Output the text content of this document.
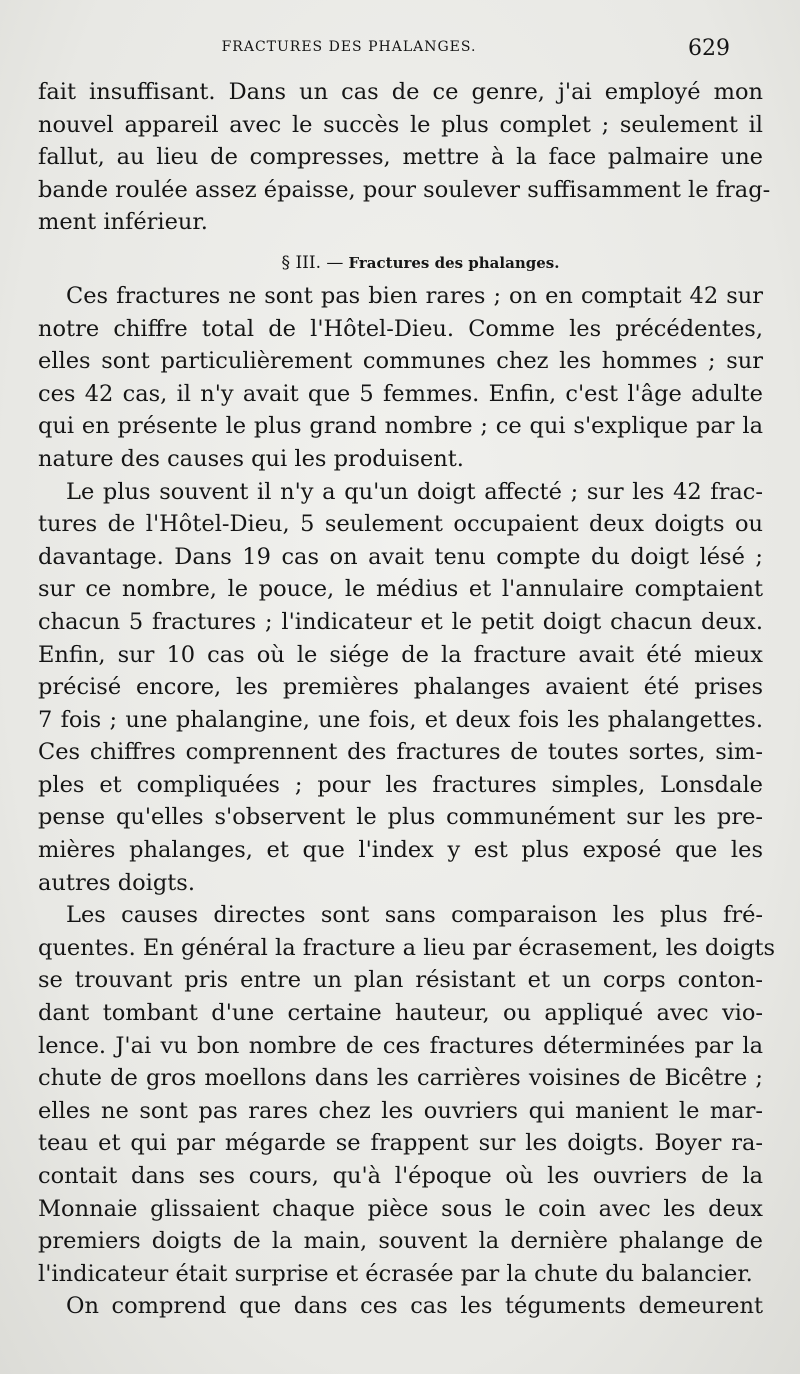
FRACTURES DES PHALANGES.	629
fait insuffisant. Dans un cas de ce genre, j'ai employé mon
nouvel appareil avec le succès le plus complet ; seulement il
fallut, au lieu de compresses, mettre à la face palmaire une
bande roulée assez épaisse, pour soulever suffisamment le frag-
ment inférieur.
§ III. — Fractures des phalanges.
Ces fractures ne sont pas bien rares ; on en comptait 42 sur
notre chiffre total de l'Hôtel-Dieu. Comme les précédentes,
elles sont particulièrement communes chez les hommes ; sur
ces 42 cas, il n'y avait que 5 femmes. Enfin, c'est l'âge adulte
qui en présente le plus grand nombre ; ce qui s'explique par la
nature des causes qui les produisent.
Le plus souvent il n'y a qu'un doigt affecté ; sur les 42 frac-
tures de l'Hôtel-Dieu, 5 seulement occupaient deux doigts ou
davantage. Dans 19 cas on avait tenu compte du doigt lésé ;
sur ce nombre, le pouce, le médius et l'annulaire comptaient
chacun 5 fractures ; l'indicateur et le petit doigt chacun deux.
Enfin, sur 10 cas où le siége de la fracture avait été mieux
précisé encore, les premières phalanges avaient été prises
7 fois ; une phalangine, une fois, et deux fois les phalangettes.
Ces chiffres comprennent des fractures de toutes sortes, sim-
ples et compliquées ; pour les fractures simples, Lonsdale
pense qu'elles s'observent le plus communément sur les pre-
mières phalanges, et que l'index y est plus exposé que les
autres doigts.
Les causes directes sont sans comparaison les plus fré-
quentes. En général la fracture a lieu par écrasement, les doigts
se trouvant pris entre un plan résistant et un corps conton-
dant tombant d'une certaine hauteur, ou appliqué avec vio-
lence. J'ai vu bon nombre de ces fractures déterminées par la
chute de gros moellons dans les carrières voisines de Bicêtre ;
elles ne sont pas rares chez les ouvriers qui manient le mar-
teau et qui par mégarde se frappent sur les doigts. Boyer ra-
contait dans ses cours, qu'à l'époque où les ouvriers de la
Monnaie glissaient chaque pièce sous le coin avec les deux
premiers doigts de la main, souvent la dernière phalange de
l'indicateur était surprise et écrasée par la chute du balancier.
On comprend que dans ces cas les téguments demeurent
